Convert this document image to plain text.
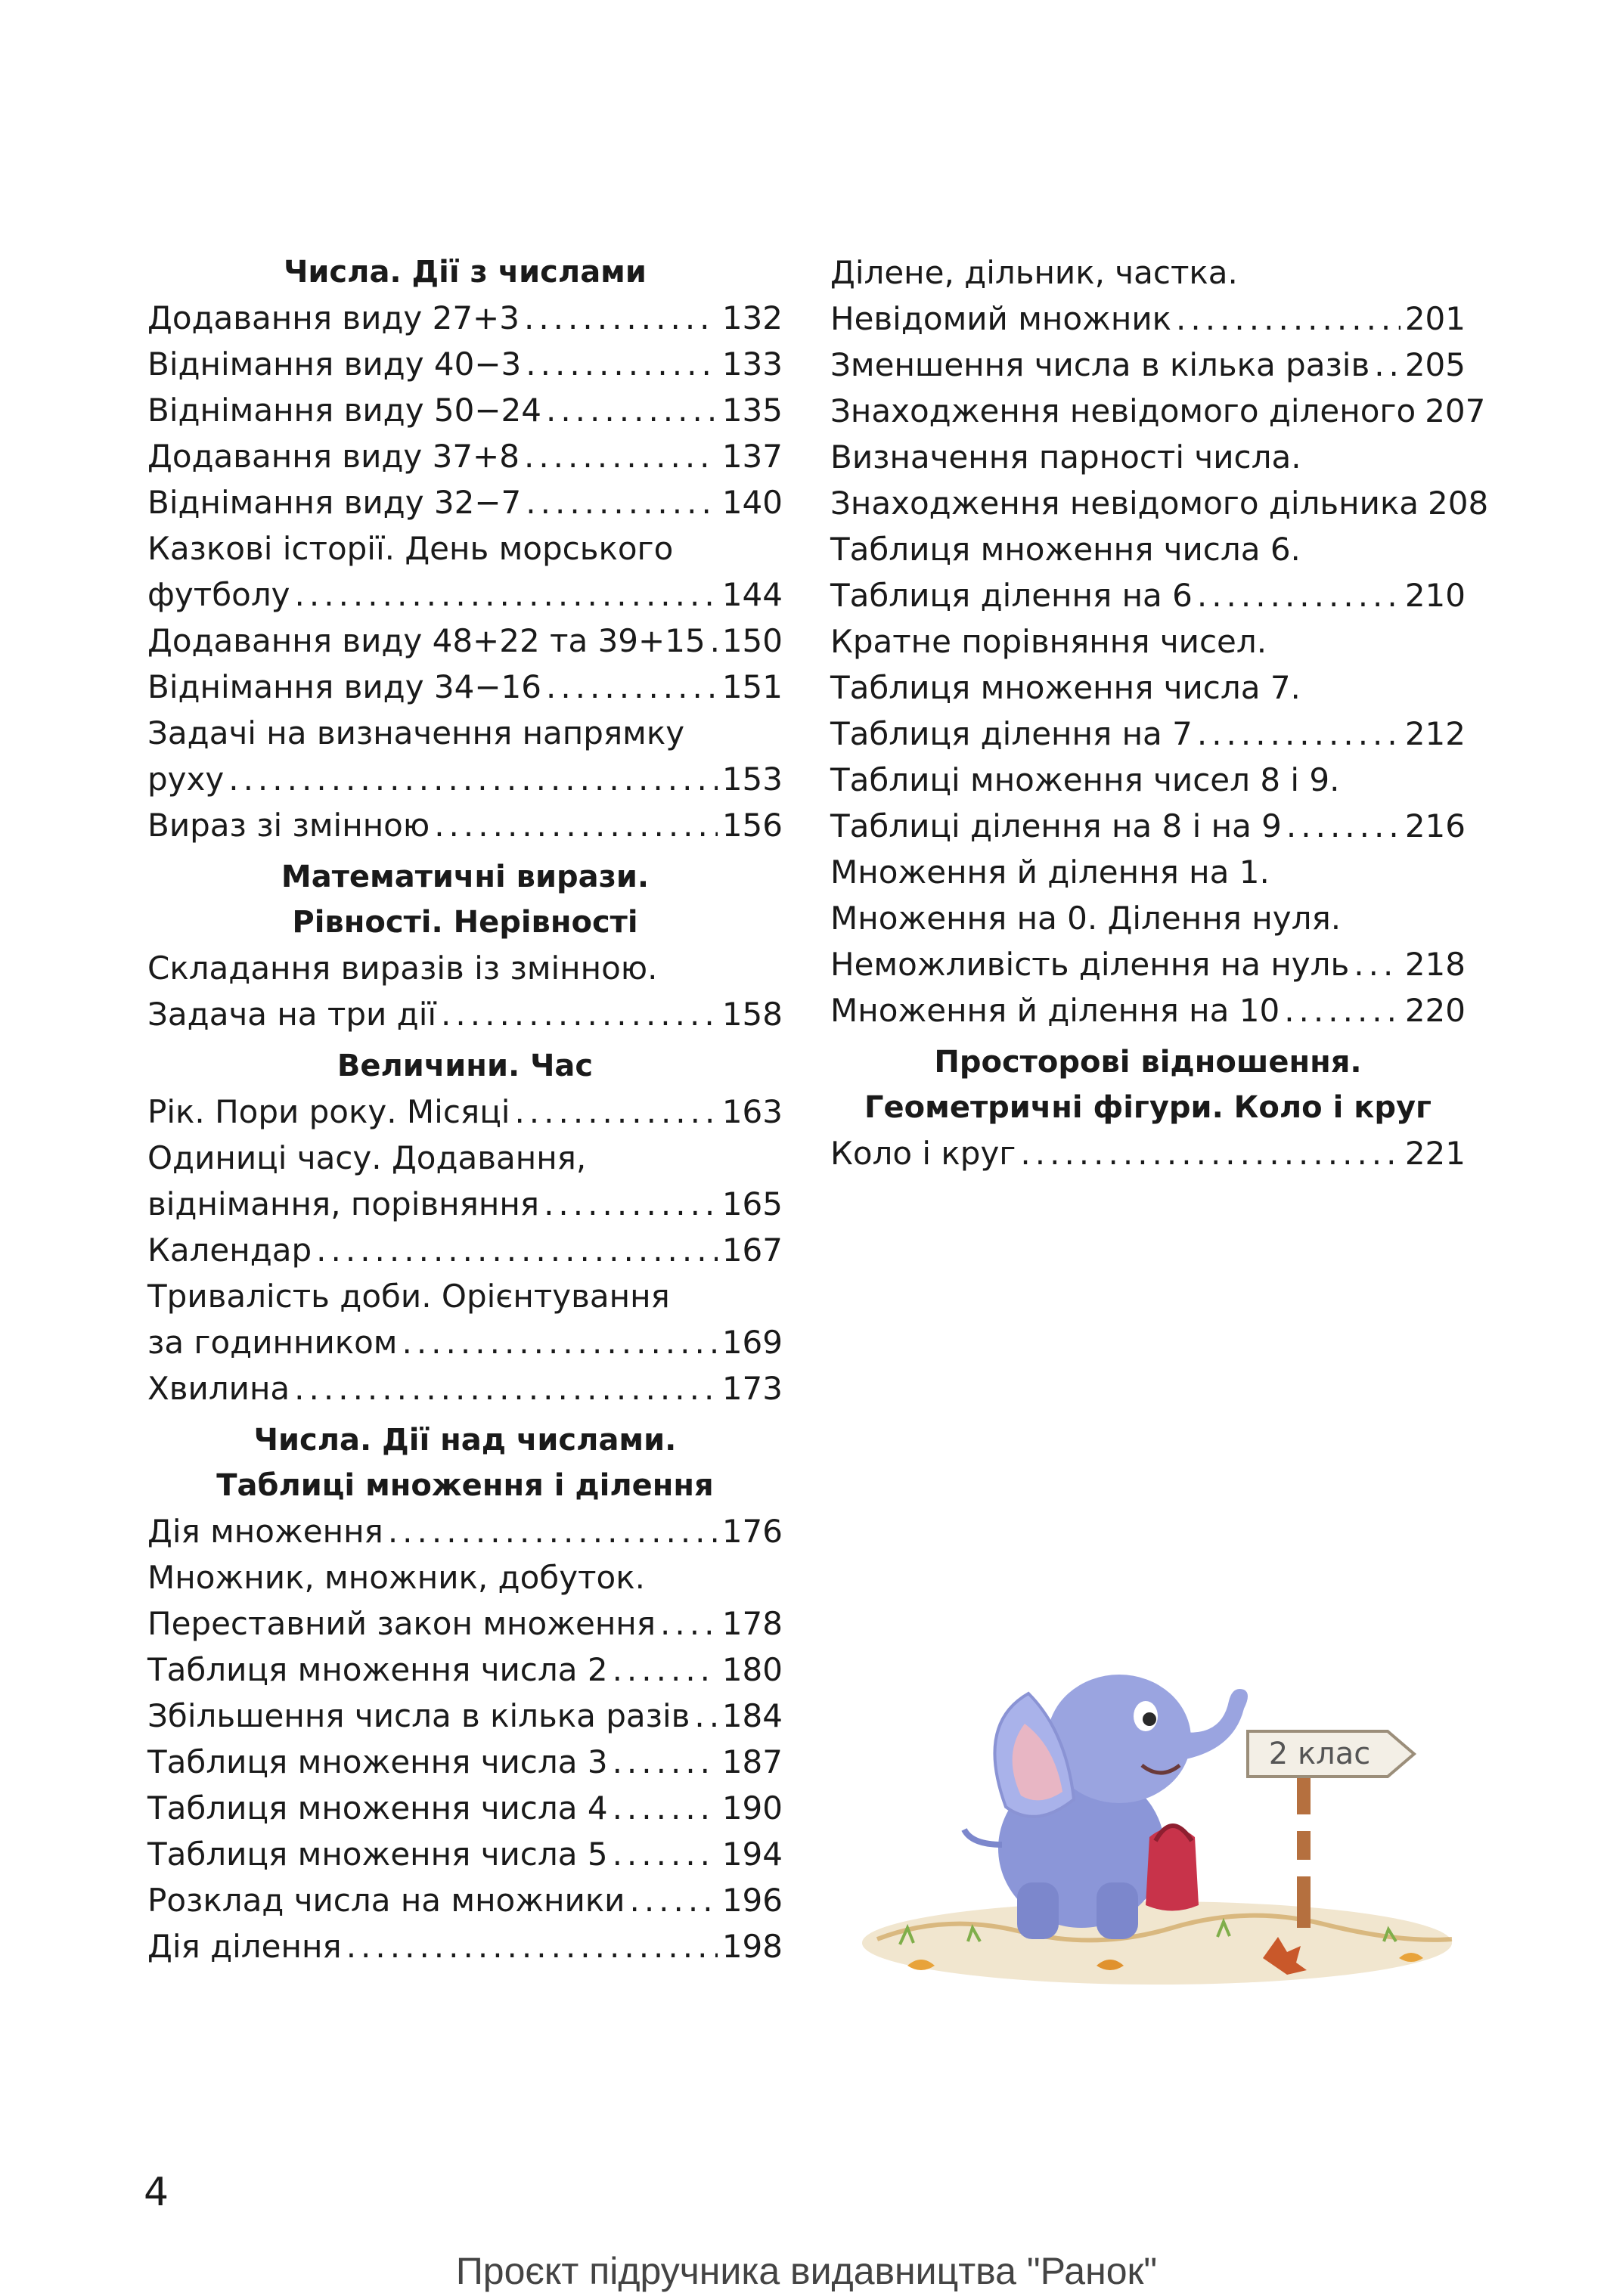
Числа. Дії з числами
Додавання виду 27+3 .....	132
Віднімання виду 40−3 .....	133
Віднімання виду 50−24 .....	135
Додавання виду 37+8 .....	137
Віднімання виду 32−7 .....	140
Казкові історії. День морського
футболу .....	144
Додавання виду 48+22 та 39+15 ..... 150
Віднімання виду 34−16 .....	151
Задачі на визначення напрямку
руху .....	153
Вираз зі змінною .....	156
Математичні вирази.
Рівності. Нерівності
Складання виразів із змінною.
Задача на три дії .....	158
Величини. Час
Рік. Пори року. Місяці .....	163
Одиниці часу. Додавання,
віднімання, порівняння .....	165
Календар .....	167
Тривалість доби. Орієнтування
за годинником .....	169
Хвилина .....	173
Числа. Дії над числами.
Таблиці множення і ділення
Дія множення .....	176
Множник, множник, добуток.
Переставний закон множення ..... 178
Таблиця множення числа 2 .....	180
Збільшення числа в кілька разів ..... 184
Таблиця множення числа 3 .....	187
Таблиця множення числа 4 .....	190
Таблиця множення числа 5 .....	194
Розклад числа на множники .....	196
Дія ділення .....	198
Ділене, дільник, частка.
Невідомий множник .....	201
Зменшення числа в кілька разів ..... 205
Знаходження невідомого діленого 207
Визначення парності числа.
Знаходження невідомого дільника 208
Таблиця множення числа 6.
Таблиця ділення на 6 .....	210
Кратне порівняння чисел.
Таблиця множення числа 7.
Таблиця ділення на 7 .....	212
Таблиці множення чисел 8 і 9.
Таблиці ділення на 8 і на 9 .....	216
Множення й ділення на 1.
Множення на 0. Ділення нуля.
Неможливість ділення на нуль ..... 218
Множення й ділення на 10 .....	220
Просторові відношення.
Геометричні фігури. Коло і круг
Коло і круг .....	221
2 клас
4
Проєкт підручника видавництва "Ранок"
